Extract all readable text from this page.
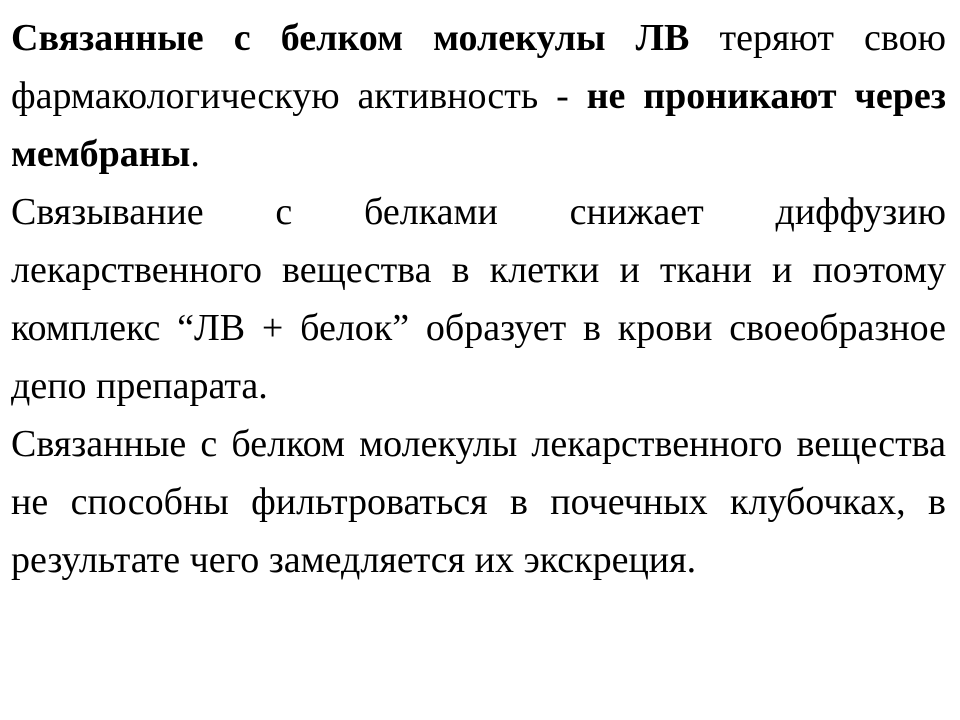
Связанные с белком молекулы ЛВ теряют свою фармакологическую активность - не проникают через мембраны.

Связывание с белками снижает диффузию лекарственного вещества в клетки и ткани и поэтому комплекс “ЛВ + белок” образует в крови своеобразное депо препарата.

Связанные с белком молекулы лекарственного вещества не способны фильтроваться в почечных клубочках, в результате чего замедляется их экскреция.
